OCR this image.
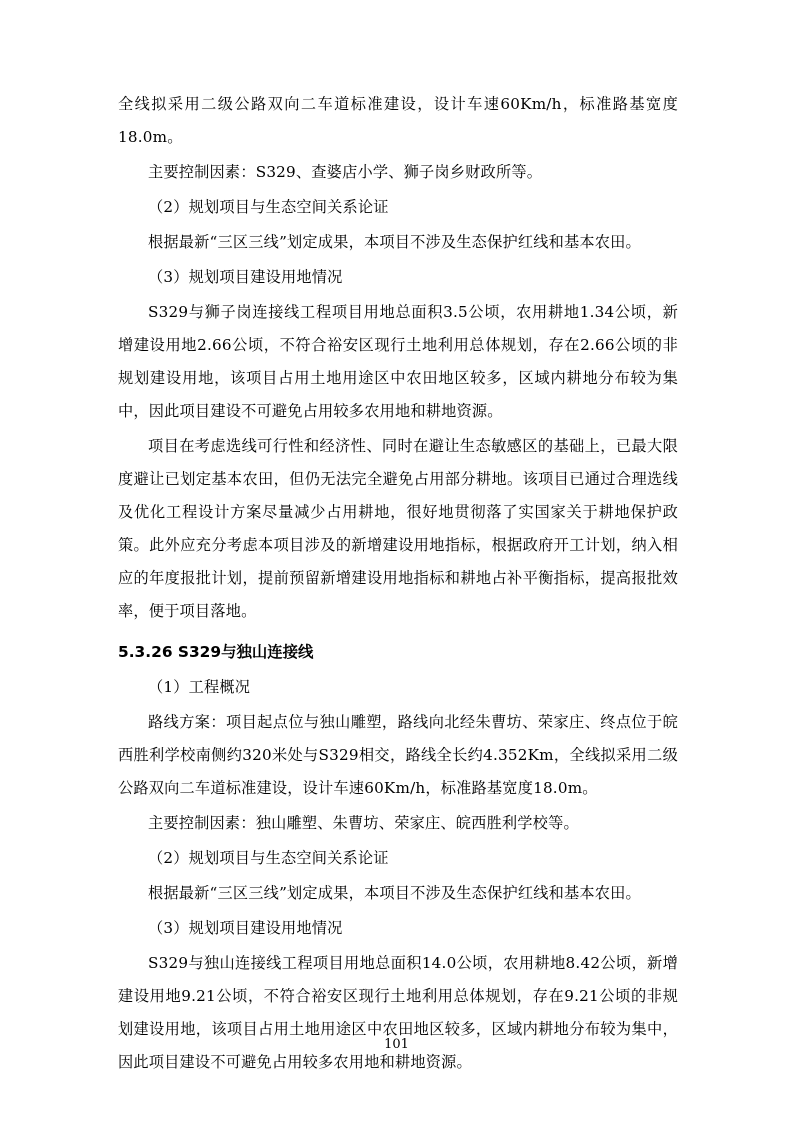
全线拟采用二级公路双向二车道标准建设，设计车速60Km/h，标准路基宽度18.0m。

主要控制因素：S329、查婆店小学、狮子岗乡财政所等。

（2）规划项目与生态空间关系论证

根据最新“三区三线”划定成果，本项目不涉及生态保护红线和基本农田。

（3）规划项目建设用地情况

S329与狮子岗连接线工程项目用地总面积3.5公顷，农用耕地1.34公顷，新增建设用地2.66公顷，不符合裕安区现行土地利用总体规划，存在2.66公顷的非规划建设用地，该项目占用土地用途区中农田地区较多，区域内耕地分布较为集中，因此项目建设不可避免占用较多农用地和耕地资源。

项目在考虑选线可行性和经济性、同时在避让生态敏感区的基础上，已最大限度避让已划定基本农田，但仍无法完全避免占用部分耕地。该项目已通过合理选线及优化工程设计方案尽量减少占用耕地，很好地贯彻落了实国家关于耕地保护政策。此外应充分考虑本项目涉及的新增建设用地指标，根据政府开工计划，纳入相应的年度报批计划，提前预留新增建设用地指标和耕地占补平衡指标，提高报批效率，便于项目落地。

5.3.26 S329与独山连接线

（1）工程概况

路线方案：项目起点位与独山雕塑，路线向北经朱曹坊、荣家庄、终点位于皖西胜利学校南侧约320米处与S329相交，路线全长约4.352Km，全线拟采用二级公路双向二车道标准建设，设计车速60Km/h，标准路基宽度18.0m。

主要控制因素：独山雕塑、朱曹坊、荣家庄、皖西胜利学校等。

（2）规划项目与生态空间关系论证

根据最新“三区三线”划定成果，本项目不涉及生态保护红线和基本农田。

（3）规划项目建设用地情况

S329与独山连接线工程项目用地总面积14.0公顷，农用耕地8.42公顷，新增建设用地9.21公顷，不符合裕安区现行土地利用总体规划，存在9.21公顷的非规划建设用地，该项目占用土地用途区中农田地区较多，区域内耕地分布较为集中，因此项目建设不可避免占用较多农用地和耕地资源。

101
